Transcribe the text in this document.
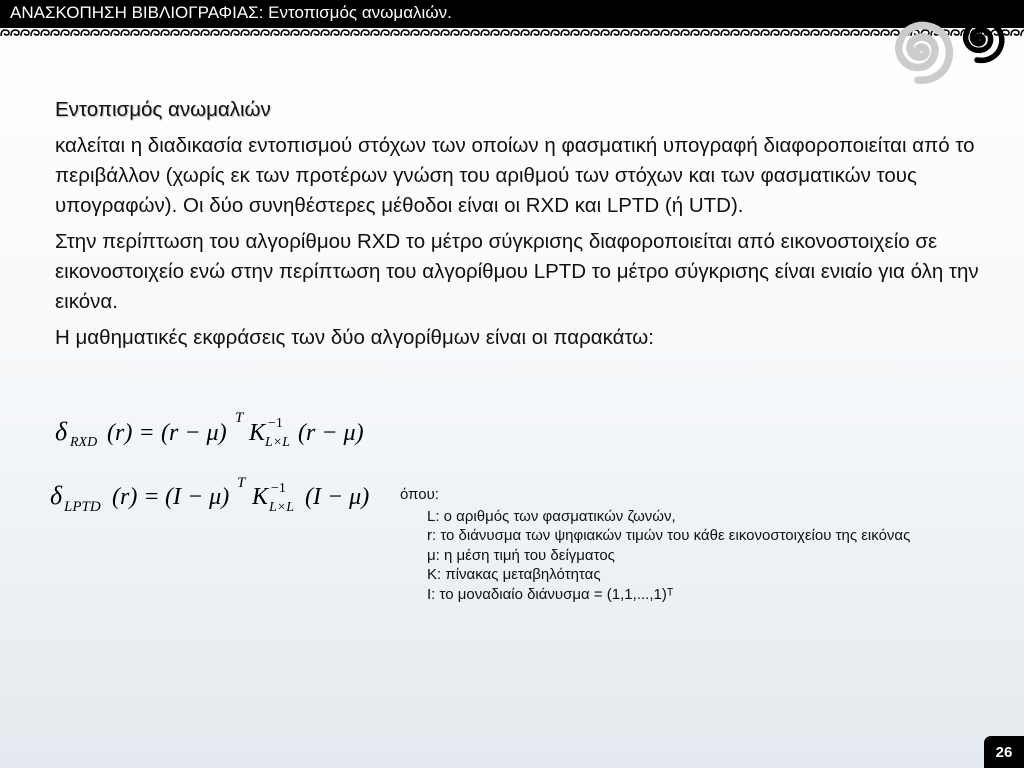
ΑΝΑΣΚΟΠΗΣΗ ΒΙΒΛΙΟΓΡΑΦΙΑΣ: Εντοπισμός ανωμαλιών.
Εντοπισμός ανωμαλιών
καλείται η διαδικασία εντοπισμού στόχων των οποίων η φασματική υπογραφή διαφοροποιείται από το περιβάλλον (χωρίς εκ των προτέρων γνώση του αριθμού των στόχων και των φασματικών τους υπογραφών). Οι δύο συνηθέστερες μέθοδοι είναι οι RXD και LPTD (ή UTD).
Στην περίπτωση του αλγορίθμου RXD το μέτρο σύγκρισης διαφοροποιείται από εικονοστοιχείο σε εικονοστοιχείο ενώ στην περίπτωση του αλγορίθμου LPTD το μέτρο σύγκρισης είναι ενιαίο για όλη την εικόνα.
Η μαθηματικές εκφράσεις των δύο αλγορίθμων είναι οι παρακάτω:
δ RXD (r) = (r − μ)
T
K −1
L×L (r − μ)
δ LPTD (r) = (I − μ)
T
K −1
L×L (I − μ) όπου:
L: ο αριθμός των φασματικών ζωνών,
r: το διάνυσμα των ψηφιακών τιμών του κάθε εικονοστοιχείου της εικόνας
μ: η μέση τιμή του δείγματος
K: πίνακας μεταβηλότητας
I: το μοναδιαίο διάνυσμα = (1,1,...,1)ᵀ
26
